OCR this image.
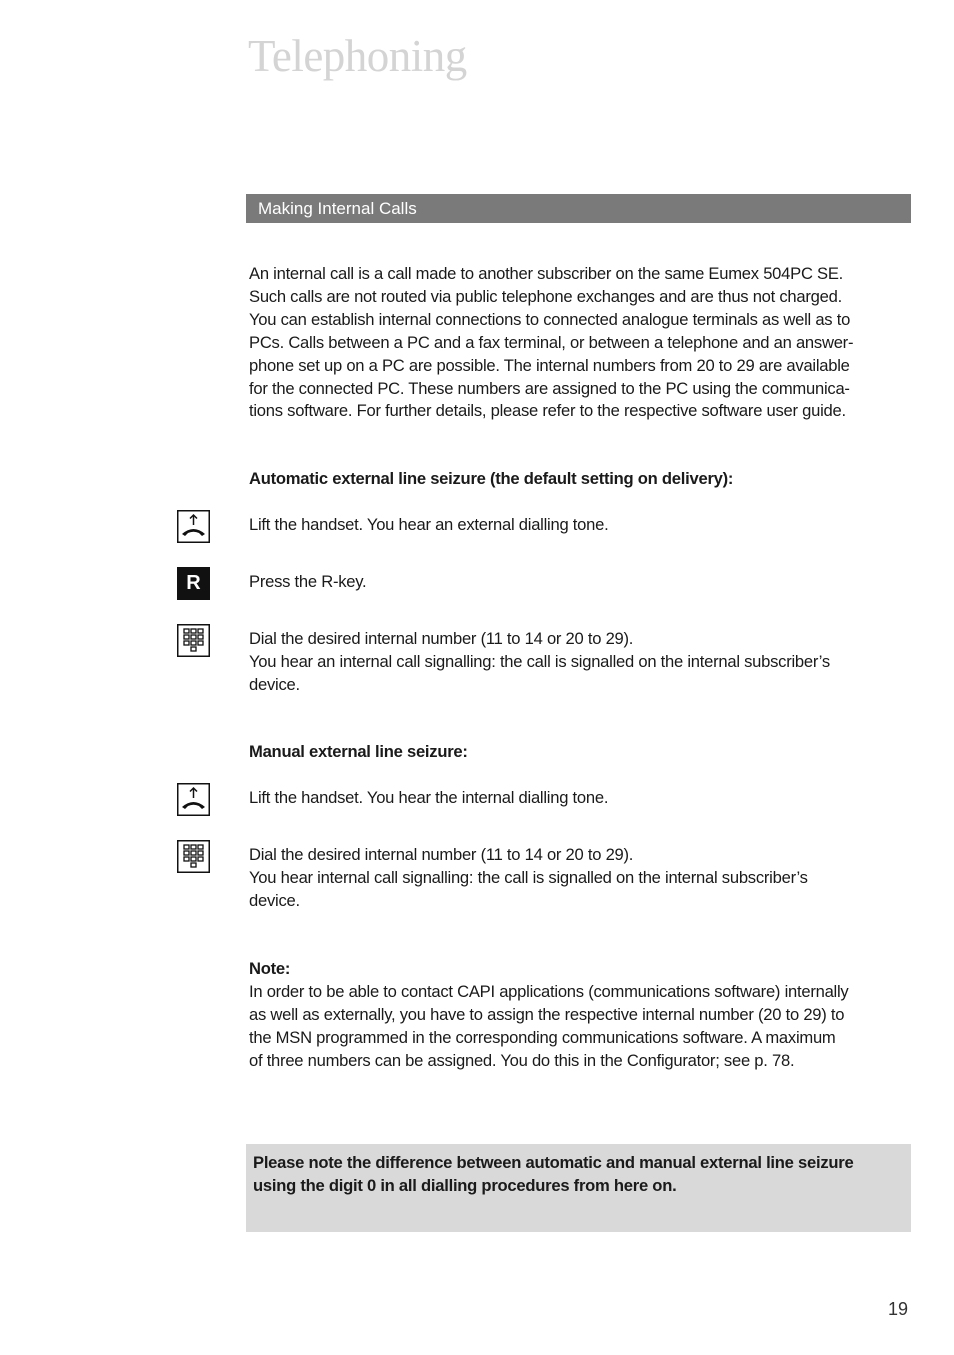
Telephoning
Making Internal Calls

An internal call is a call made to another subscriber on the same Eumex 504PC SE.
Such calls are not routed via public telephone exchanges and are thus not charged.
You can establish internal connections to connected analogue terminals as well as to
PCs. Calls between a PC and a fax terminal, or between a telephone and an answer-
phone set up on a PC are possible. The internal numbers from 20 to 29 are available
for the connected PC. These numbers are assigned to the PC using the communica-
tions software. For further details, please refer to the respective software user guide.

Automatic external line seizure (the default setting on delivery):

Lift the handset. You hear an external dialling tone.

R	Press the R-key.

Dial the desired internal number (11 to 14 or 20 to 29).
You hear an internal call signalling: the call is signalled on the internal subscriber’s
device.

Manual external line seizure:

Lift the handset. You hear the internal dialling tone.

Dial the desired internal number (11 to 14 or 20 to 29).
You hear internal call signalling: the call is signalled on the internal subscriber’s
device.

Note:
In order to be able to contact CAPI applications (communications software) internally
as well as externally, you have to assign the respective internal number (20 to 29) to
the MSN programmed in the corresponding communications software. A maximum
of three numbers can be assigned. You do this in the Configurator; see p. 78.

Please note the difference between automatic and manual external line seizure
using the digit 0 in all dialling procedures from here on.
19
